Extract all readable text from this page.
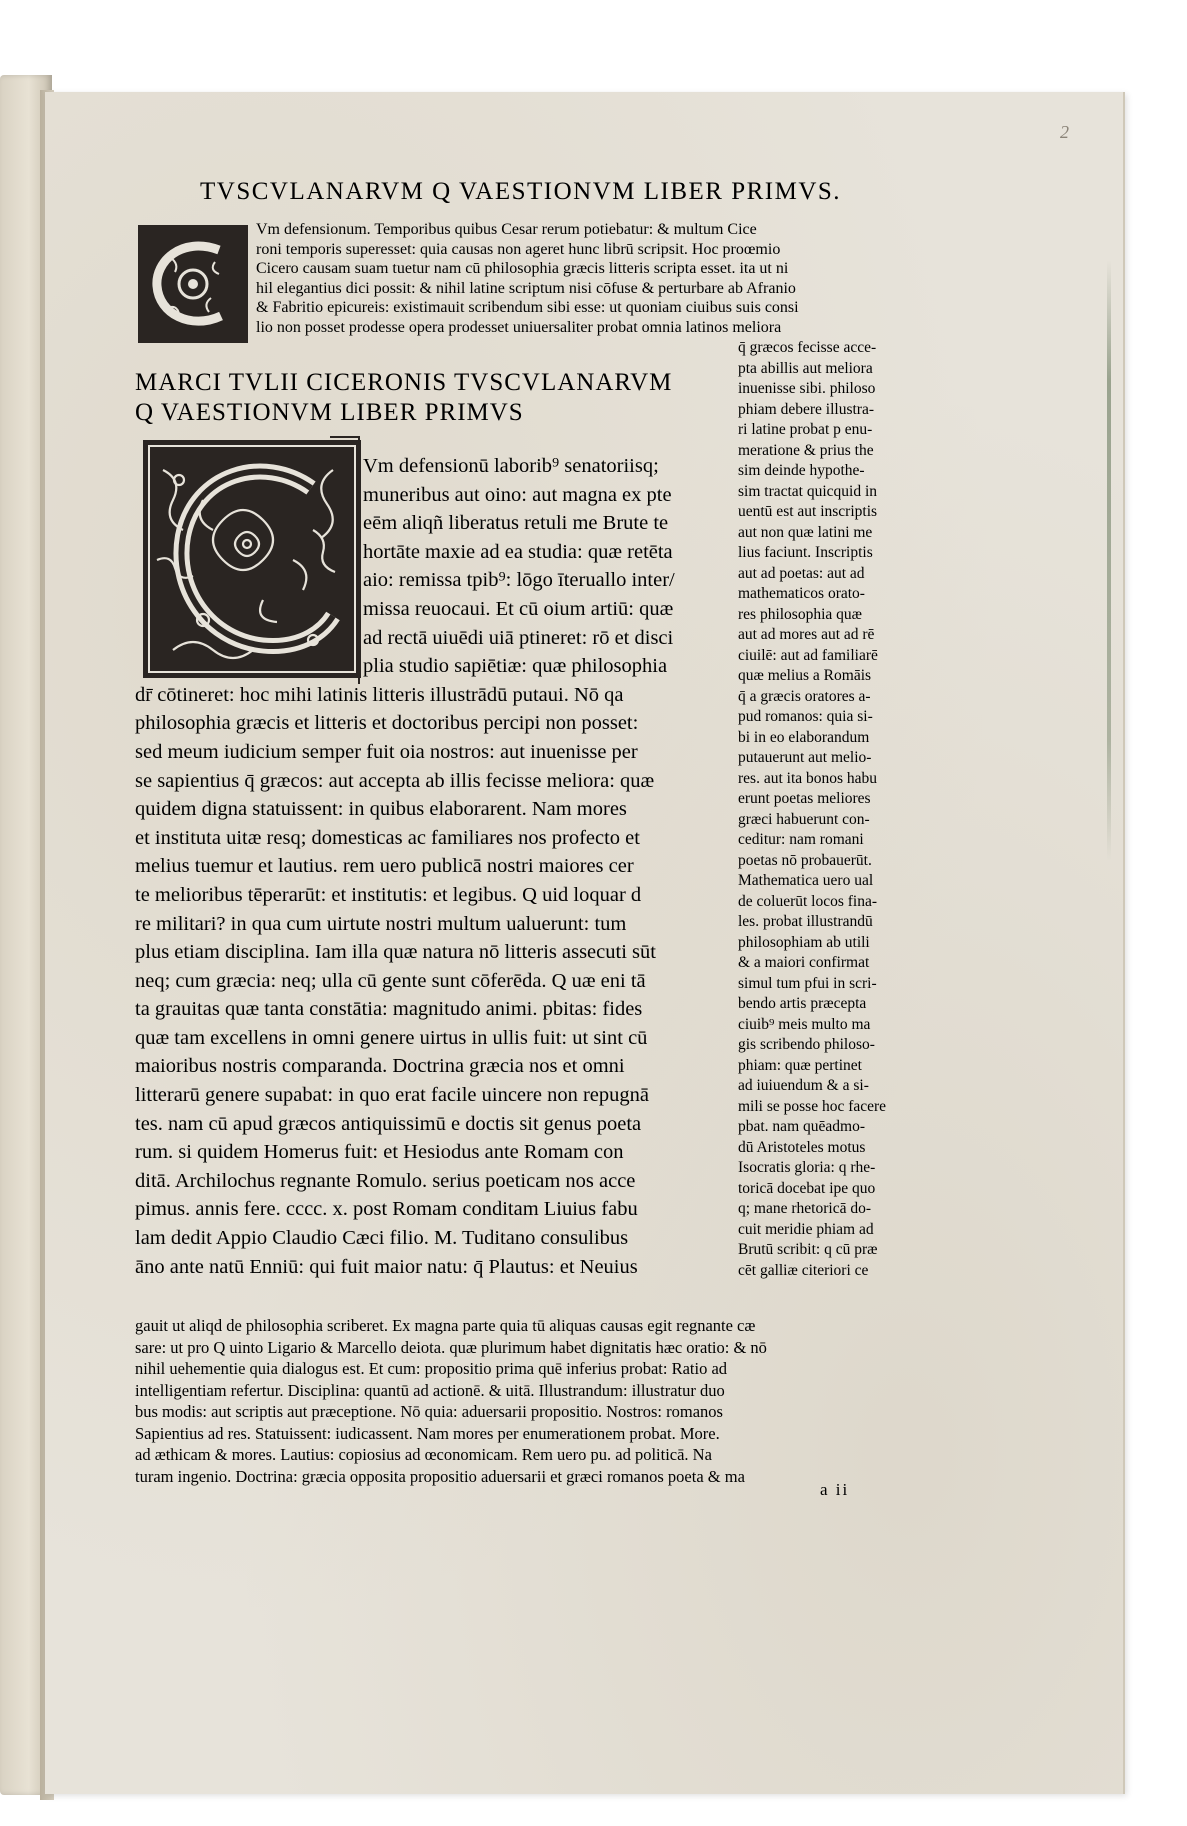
2
TVSCVLANARVM Q VAESTIONVM LIBER PRIMVS.
Vm defensionum. Temporibus quibus Cesar rerum potiebatur: & multum Cice
roni temporis superesset: quia causas non ageret hunc librū scripsit. Hoc proœmio
Cicero causam suam tuetur nam cū philosophia græcis litteris scripta esset. ita ut ni
hil elegantius dici possit: & nihil latine scriptum nisi cōfuse & perturbare ab Afranio
& Fabritio epicureis: existimauit scribendum sibi esse: ut quoniam ciuibus suis consi
lio non posset prodesse opera prodesset uniuersaliter probat omnia latinos meliora
MARCI TVLII CICERONIS TVSCVLANARVM
Q VAESTIONVM LIBER PRIMVS
Vm defensionū laborib⁹ senatoriisq;
muneribus aut oino: aut magna ex pte
eēm aliqñ liberatus retuli me Brute te
hortāte maxie ad ea studia: quæ retēta
aio: remissa tpib⁹: lōgo īteruallo inter/
missa reuocaui. Et cū oium artiū: quæ
ad rectā uiuēdi uiā ptineret: rō et disci
plia studio sapiētiæ: quæ philosophia
dr̄ cōtineret: hoc mihi latinis litteris illustrādū putaui. Nō qa
philosophia græcis et litteris et doctoribus percipi non posset:
sed meum iudicium semper fuit oia nostros: aut inuenisse per
se sapientius q̄ græcos: aut accepta ab illis fecisse meliora: quæ
quidem digna statuissent: in quibus elaborarent. Nam mores
et instituta uitæ resq; domesticas ac familiares nos profecto et
melius tuemur et lautius. rem uero publicā nostri maiores cer
te melioribus tēperarūt: et institutis: et legibus. Q uid loquar d
re militari? in qua cum uirtute nostri multum ualuerunt: tum
plus etiam disciplina. Iam illa quæ natura nō litteris assecuti sūt
neq; cum græcia: neq; ulla cū gente sunt cōferēda. Q uæ eni tā
ta grauitas quæ tanta constātia: magnitudo animi. pbitas: fides
quæ tam excellens in omni genere uirtus in ullis fuit: ut sint cū
maioribus nostris comparanda. Doctrina græcia nos et omni
litterarū genere supabat: in quo erat facile uincere non repugnā
tes. nam cū apud græcos antiquissimū e doctis sit genus poeta
rum. si quidem Homerus fuit: et Hesiodus ante Romam con
ditā. Archilochus regnante Romulo. serius poeticam nos acce
pimus. annis fere. cccc. x. post Romam conditam Liuius fabu
lam dedit Appio Claudio Cæci filio. M. Tuditano consulibus
āno ante natū Enniū: qui fuit maior natu: q̄ Plautus: et Neuius
q̄ græcos fecisse acce-
pta abillis aut meliora
inuenisse sibi. philoso
phiam debere illustra-
ri latine probat p enu-
meratione & prius the
sim deinde hypothe-
sim tractat quicquid in
uentū est aut inscriptis
aut non quæ latini me
lius faciunt. Inscriptis
aut ad poetas: aut ad
mathematicos orato-
res philosophia quæ
aut ad mores aut ad rē
ciuilē: aut ad familiarē
quæ melius a Romāis
q̄ a græcis oratores a-
pud romanos: quia si-
bi in eo elaborandum
putauerunt aut melio-
res. aut ita bonos habu
erunt poetas meliores
græci habuerunt con-
ceditur: nam romani
poetas nō probauerūt.
Mathematica uero ual
de coluerūt locos fina-
les. probat illustrandū
philosophiam ab utili
& a maiori confirmat
simul tum pfui in scri-
bendo artis præcepta
ciuib⁹ meis multo ma
gis scribendo philoso-
phiam: quæ pertinet
ad iuiuendum & a si-
mili se posse hoc facere
pbat. nam quēadmo-
dū Aristoteles motus
Isocratis gloria: q rhe-
toricā docebat ipe quo
q; mane rhetoricā do-
cuit meridie phiam ad
Brutū scribit: q cū præ
cēt galliæ citeriori ce
gauit ut aliqd de philosophia scriberet. Ex magna parte quia tū aliquas causas egit regnante cæ
sare: ut pro Q uinto Ligario & Marcello deiota. quæ plurimum habet dignitatis hæc oratio: & nō
nihil uehementie quia dialogus est. Et cum: propositio prima quē inferius probat: Ratio ad
intelligentiam refertur. Disciplina: quantū ad actionē. & uitā. Illustrandum: illustratur duo
bus modis: aut scriptis aut præceptione. Nō quia: aduersarii propositio. Nostros: romanos
Sapientius ad res. Statuissent: iudicassent. Nam mores per enumerationem probat. More.
ad æthicam & mores. Lautius: copiosius ad œconomicam. Rem uero pu. ad politicā. Na
turam ingenio. Doctrina: græcia opposita propositio aduersarii et græci romanos poeta & ma
a ii
